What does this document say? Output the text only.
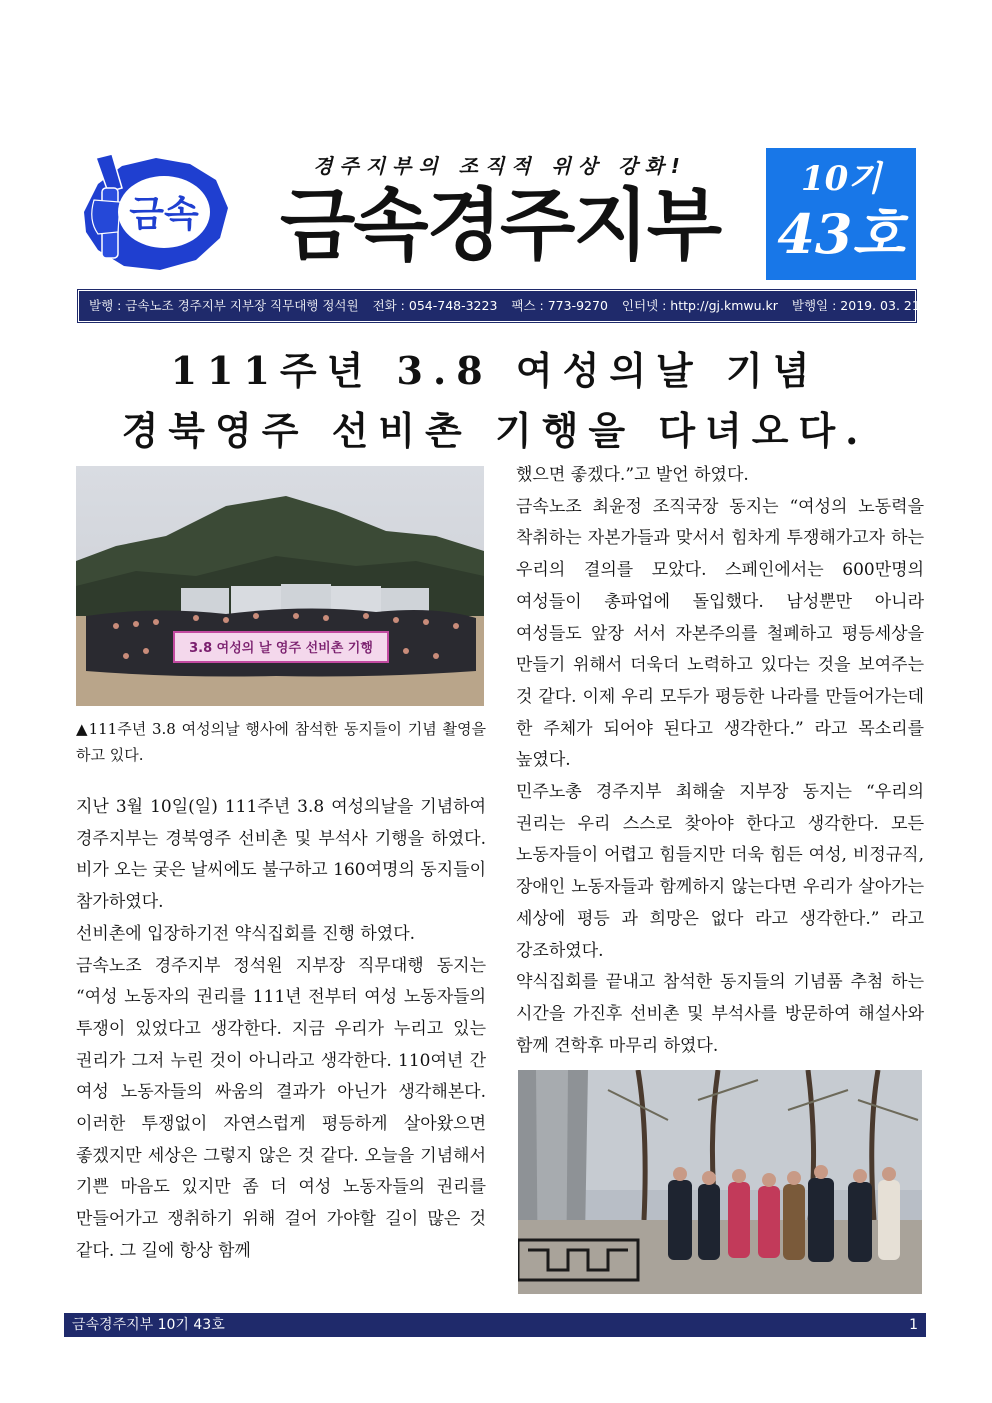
금속
경주지부의 조직적 위상 강화!
금속경주지부
10기
43호
발행 : 금속노조 경주지부 지부장 직무대행 정석원 전화 : 054-748-3223 팩스 : 773-9270 인터넷 : http://gj.kmwu.kr 발행일 : 2019. 03. 21. (목)
111주년 3.8 여성의날 기념
경북영주 선비촌 기행을 다녀오다.
3.8 여성의 날 영주 선비촌 기행
▲111주년 3.8 여성의날 행사에 참석한 동지들이 기념 촬영을 하고 있다.

지난 3월 10일(일) 111주년 3.8 여성의날을 기념하여 경주지부는 경북영주 선비촌 및 부석사 기행을 하였다. 비가 오는 궂은 날씨에도 불구하고 160여명의 동지들이 참가하였다.

선비촌에 입장하기전 약식집회를 진행 하였다.

금속노조 경주지부 정석원 지부장 직무대행 동지는 “여성 노동자의 권리를 111년 전부터 여성 노동자들의 투쟁이 있었다고 생각한다. 지금 우리가 누리고 있는 권리가 그저 누린 것이 아니라고 생각한다. 110여년 간 여성 노동자들의 싸움의 결과가 아닌가 생각해본다. 이러한 투쟁없이 자연스럽게 평등하게 살아왔으면 좋겠지만 세상은 그렇지 않은 것 같다. 오늘을 기념해서 기쁜 마음도 있지만 좀 더 여성 노동자들의 권리를 만들어가고 쟁취하기 위해 걸어 가야할 길이 많은 것 같다. 그 길에 항상 함께

했으면 좋겠다.”고 발언 하였다.

금속노조 최윤정 조직국장 동지는 “여성의 노동력을 착취하는 자본가들과 맞서서 힘차게 투쟁해가고자 하는 우리의 결의를 모았다. 스페인에서는 600만명의 여성들이 총파업에 돌입했다. 남성뿐만 아니라 여성들도 앞장 서서 자본주의를 철폐하고 평등세상을 만들기 위해서 더욱더 노력하고 있다는 것을 보여주는 것 같다. 이제 우리 모두가 평등한 나라를 만들어가는데 한 주체가 되어야 된다고 생각한다.” 라고 목소리를 높였다.

민주노총 경주지부 최해술 지부장 동지는 “우리의 권리는 우리 스스로 찾아야 한다고 생각한다. 모든 노동자들이 어렵고 힘들지만 더욱 힘든 여성, 비정규직, 장애인 노동자들과 함께하지 않는다면 우리가 살아가는 세상에 평등 과 희망은 없다 라고 생각한다.” 라고 강조하였다.

약식집회를 끝내고 참석한 동지들의 기념품 추첨 하는 시간을 가진후 선비촌 및 부석사를 방문하여 해설사와 함께 견학후 마무리 하였다.

금속경주지부 10기 43호	1
